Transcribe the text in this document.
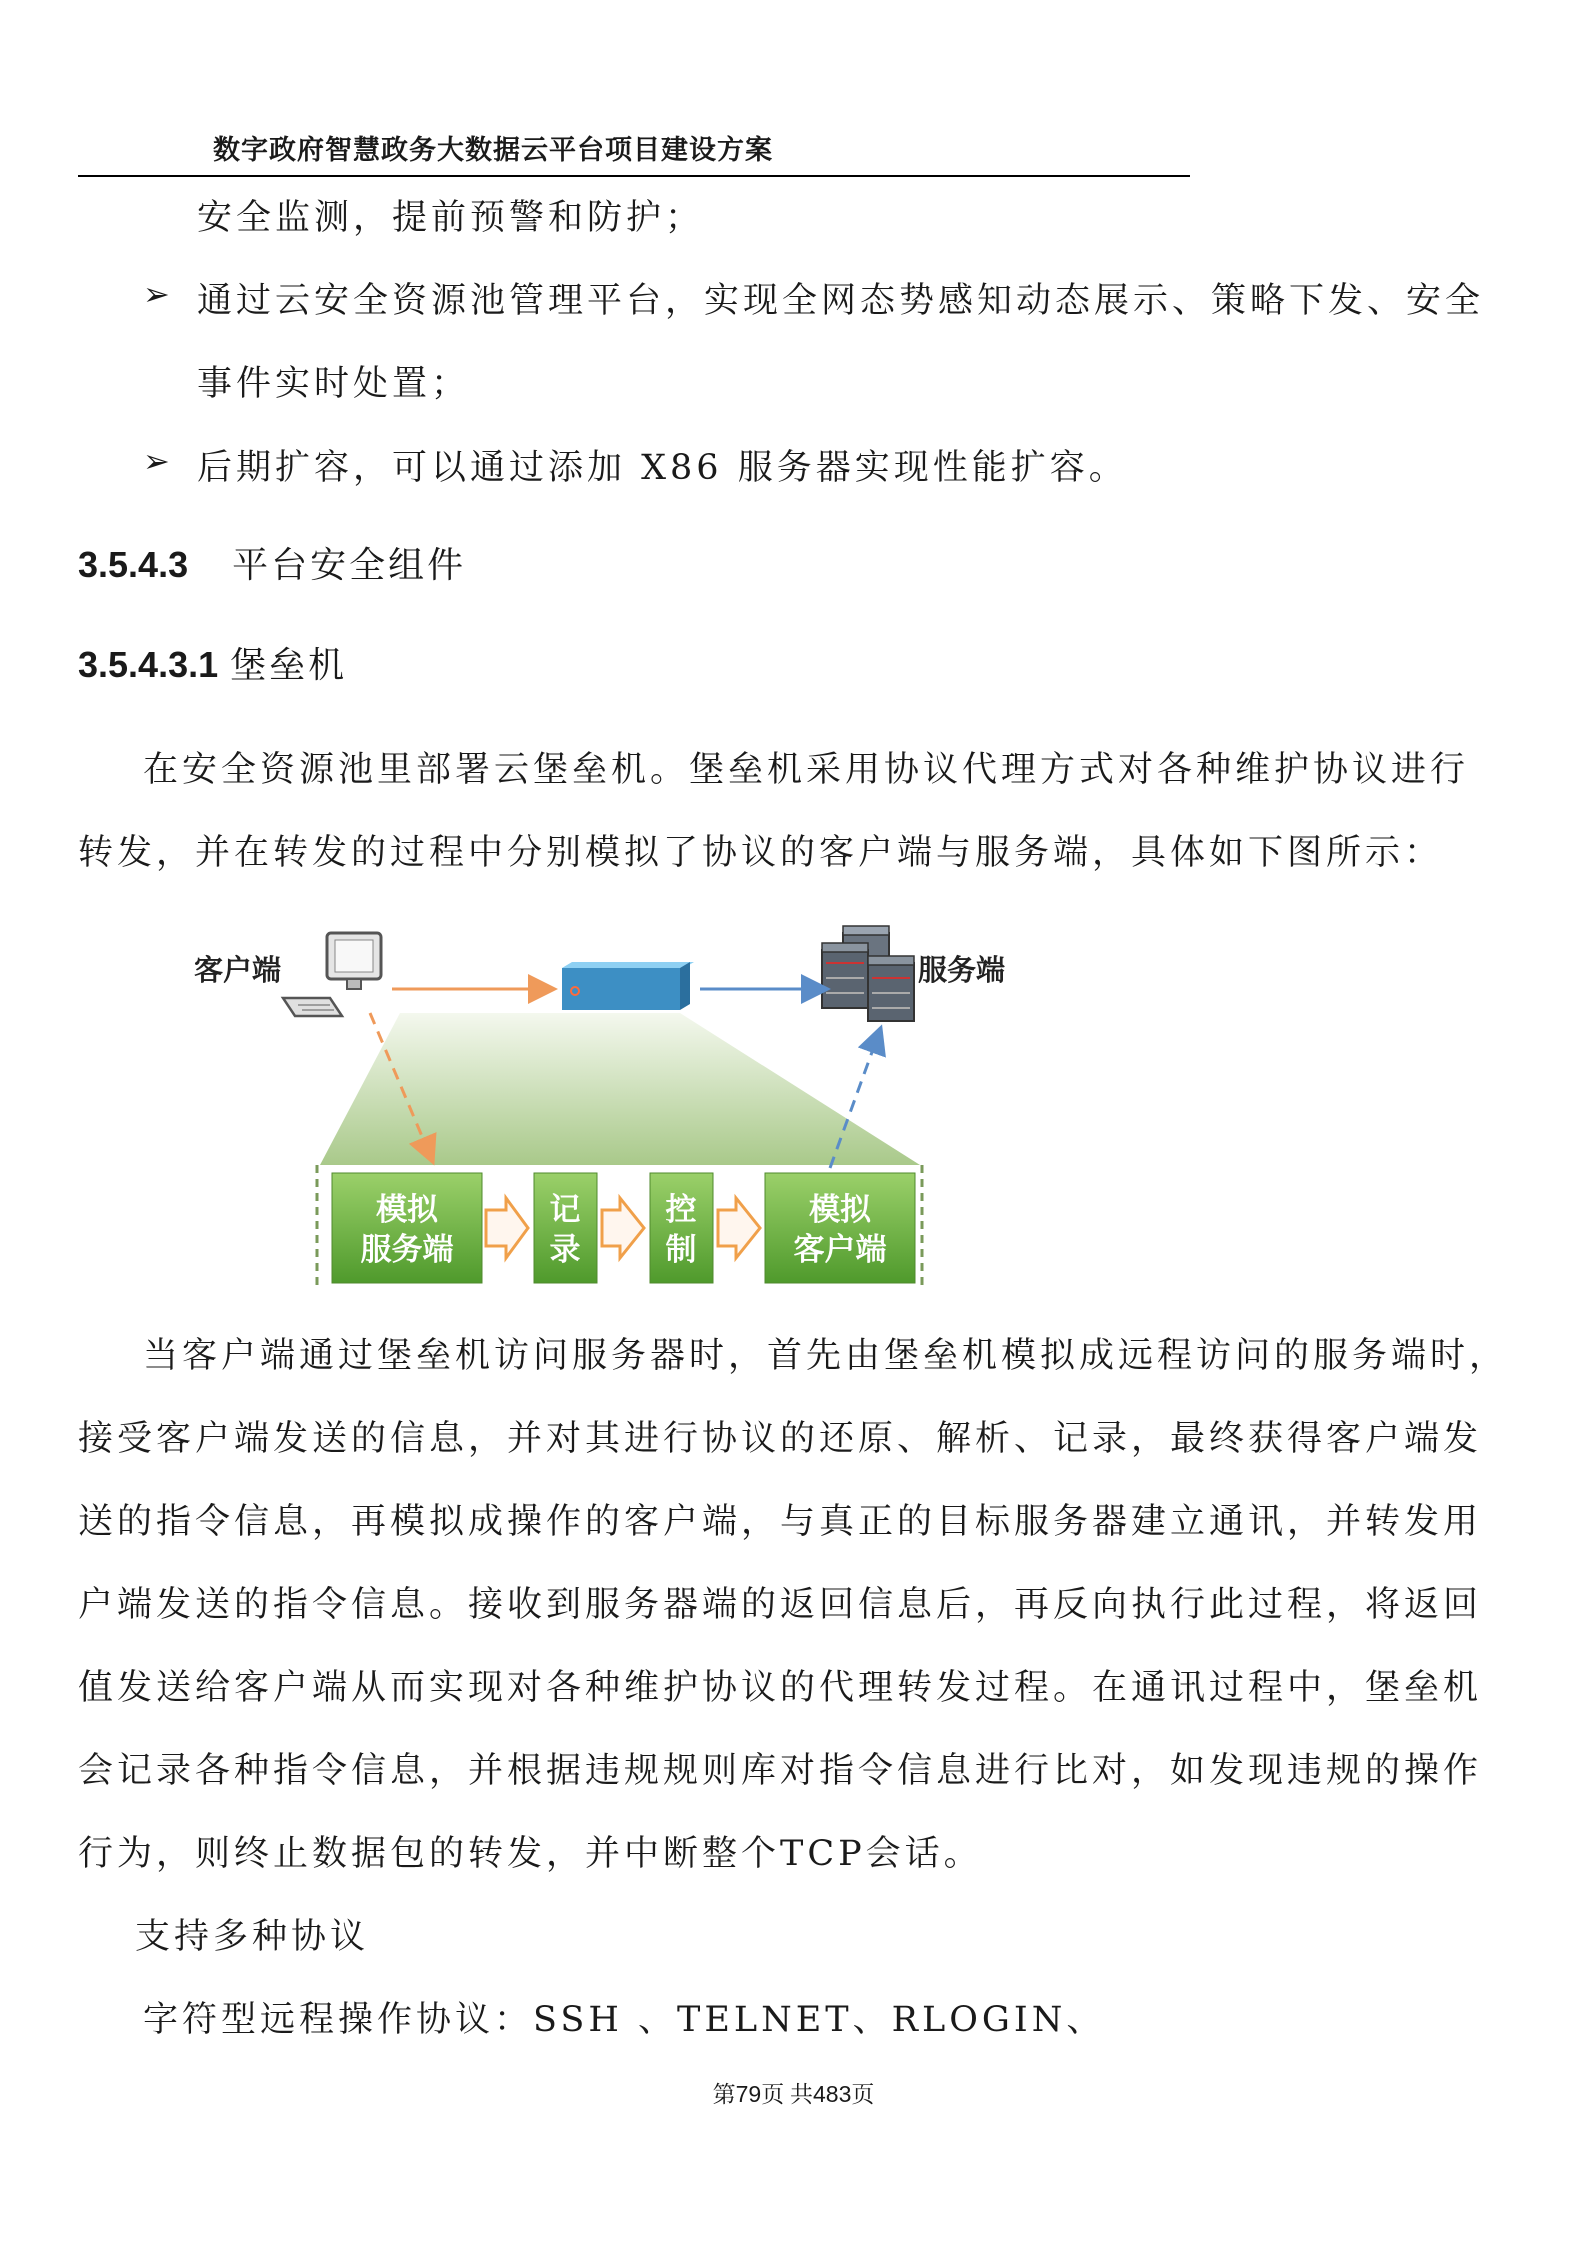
数字政府智慧政务大数据云平台项目建设方案
安全监测，提前预警和防护；
➢ 通过云安全资源池管理平台，实现全网态势感知动态展示、策略下发、安全
事件实时处置；
➢ 后期扩容，可以通过添加 X86 服务器实现性能扩容。
3.5.4.3 平台安全组件
3.5.4.3.1 堡垒机
在安全资源池里部署云堡垒机。堡垒机采用协议代理方式对各种维护协议进行
转发，并在转发的过程中分别模拟了协议的客户端与服务端，具体如下图所示：
客户端	服务端
模拟
服务端
记
录
控
制
模拟
客户端
当客户端通过堡垒机访问服务器时，首先由堡垒机模拟成远程访问的服务端时，
接受客户端发送的信息，并对其进行协议的还原、解析、记录，最终获得客户端发
送的指令信息，再模拟成操作的客户端，与真正的目标服务器建立通讯，并转发用
户端发送的指令信息。接收到服务器端的返回信息后，再反向执行此过程，将返回
值发送给客户端从而实现对各种维护协议的代理转发过程。在通讯过程中，堡垒机
会记录各种指令信息，并根据违规规则库对指令信息进行比对，如发现违规的操作
行为，则终止数据包的转发，并中断整个TCP会话。
支持多种协议
字符型远程操作协议：SSH 、TELNET、RLOGIN、
第79页 共483页
